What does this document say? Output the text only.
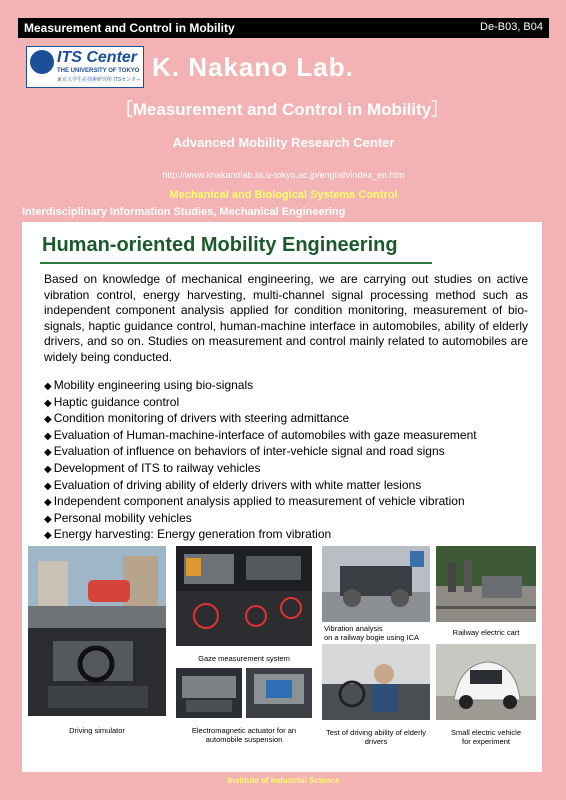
Measurement and Control in Mobility	De-B03, B04
ITS Center
THE UNIVERSITY OF TOKYO
東京大学生産技術研究所 ITSセンター K. Nakano Lab.
［Measurement and Control in Mobility］
Advanced Mobility Research Center
http://www.knakanolab.iis.u-tokyo.ac.jp/english/index_en.htm
Mechanical and Biological Systems Control
Interdisciplinary Information Studies, Mechanical Engineering
Human-oriented Mobility Engineering
Based on knowledge of mechanical engineering, we are carrying out studies on active vibration control, energy harvesting, multi-channel signal processing method such as independent component analysis applied for condition monitoring, measurement of bio-signals, haptic guidance control, human-machine interface in automobiles, ability of elderly drivers, and so on. Studies on measurement and control mainly related to automobiles are widely being conducted.
◆ Mobility engineering using bio-signals
◆ Haptic guidance control
◆ Condition monitoring of drivers with steering admittance
◆ Evaluation of Human-machine-interface of automobiles with gaze measurement
◆ Evaluation of influence on behaviors of inter-vehicle signal and road signs
◆ Development of ITS to railway vehicles
◆ Evaluation of driving ability of elderly drivers with white matter lesions
◆ Independent component analysis applied to measurement of vehicle vibration
◆ Personal mobility vehicles
◆ Energy harvesting: Energy generation from vibration
Driving simulator
Gaze measurement system
Vibration analysis
on a railway bogie using ICA
Railway electric cart
Electromagnetic actuator for an
automobile suspension
Test of driving ability of elderly
drivers
Small electric vehicle
for experiment
Institute of Industrial Science
